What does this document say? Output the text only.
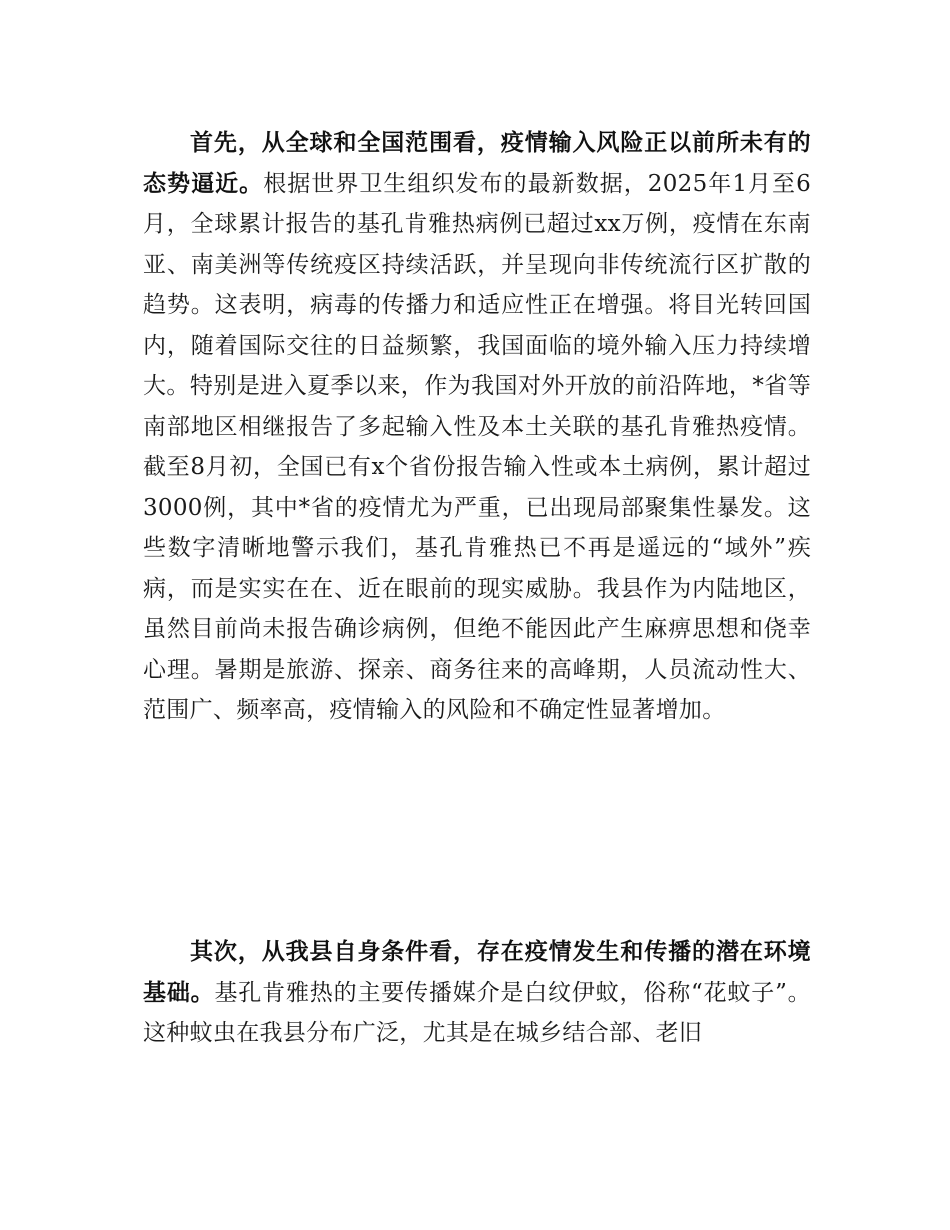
首先，从全球和全国范围看，疫情输入风险正以前所未有的态势逼近。根据世界卫生组织发布的最新数据，2025年1月至6月，全球累计报告的基孔肯雅热病例已超过xx万例，疫情在东南亚、南美洲等传统疫区持续活跃，并呈现向非传统流行区扩散的趋势。这表明，病毒的传播力和适应性正在增强。将目光转回国内，随着国际交往的日益频繁，我国面临的境外输入压力持续增大。特别是进入夏季以来，作为我国对外开放的前沿阵地，*省等南部地区相继报告了多起输入性及本土关联的基孔肯雅热疫情。截至8月初，全国已有x个省份报告输入性或本土病例，累计超过3000例，其中*省的疫情尤为严重，已出现局部聚集性暴发。这些数字清晰地警示我们，基孔肯雅热已不再是遥远的“域外”疾病，而是实实在在、近在眼前的现实威胁。我县作为内陆地区，虽然目前尚未报告确诊病例，但绝不能因此产生麻痹思想和侥幸心理。暑期是旅游、探亲、商务往来的高峰期，人员流动性大、范围广、频率高，疫情输入的风险和不确定性显著增加。

其次，从我县自身条件看，存在疫情发生和传播的潜在环境基础。基孔肯雅热的主要传播媒介是白纹伊蚊，俗称“花蚊子”。这种蚊虫在我县分布广泛，尤其是在城乡结合部、老旧
